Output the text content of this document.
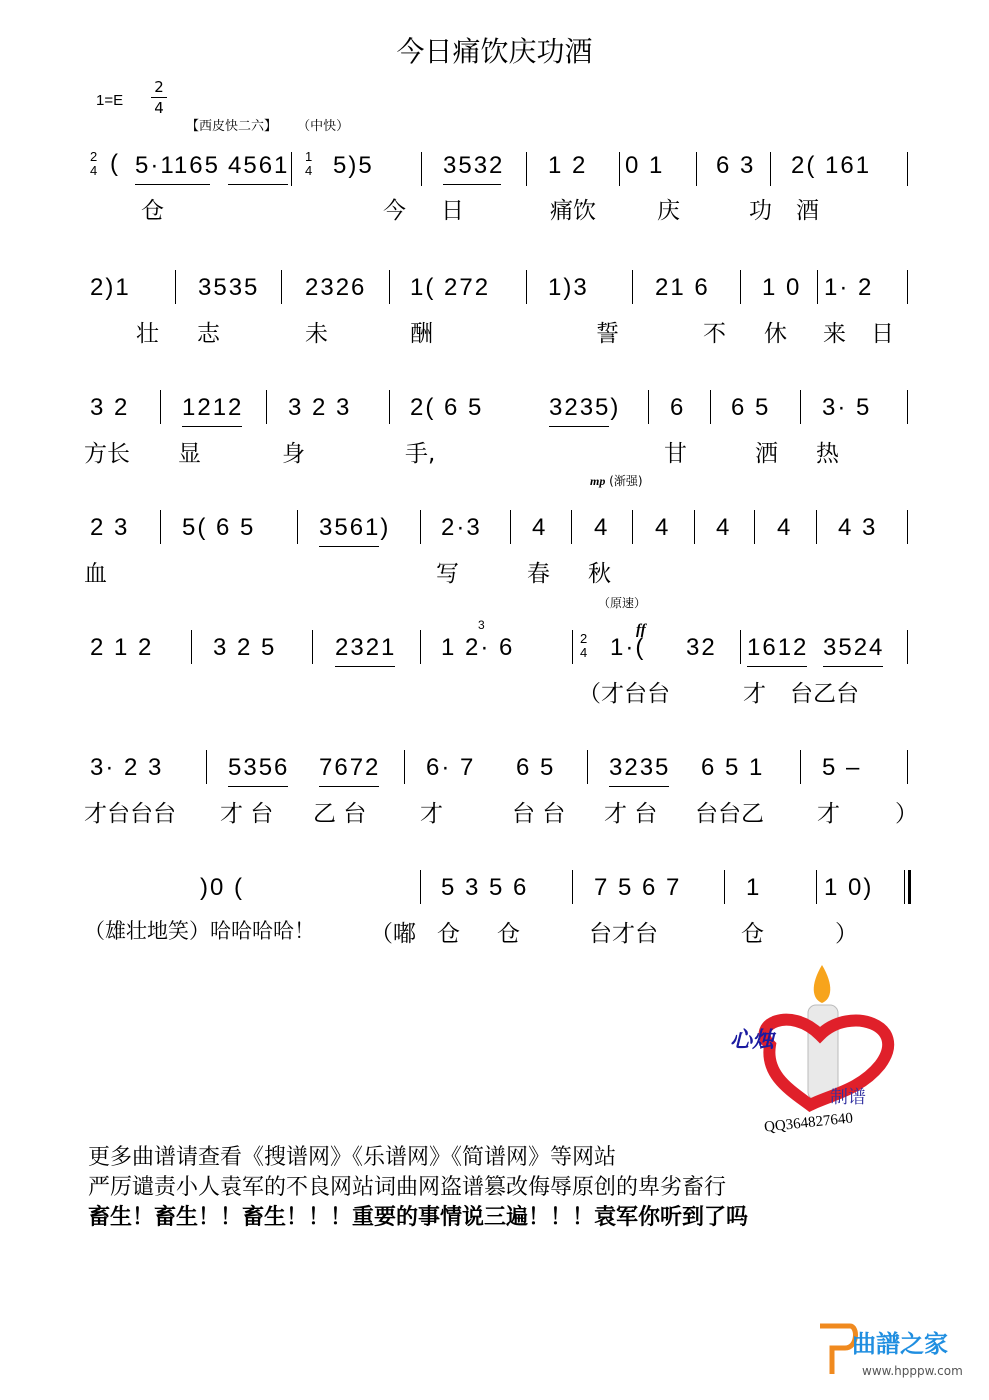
今日痛饮庆功酒
1=E
2
4
【西皮快二六】 （中快）
2
4 ( 5·1165 4561 1
4 5)5	3532 1 2 0 1 6 3 2( 161
仓	今 日	痛饮	庆	功 酒
2)1	3535 2326 1( 272 1)3	21 6 1 0 1· 2
壮 志	未	酬	誓	不 休 来 日
3 2 1212 3 2 3 2( 6 5	3235) 6 6 5 3· 5
方长 显	身	手,	甘	洒 热
mp (渐强)
2 3 5( 6 5	3561) 2·3 4 4 4 4 4 4 3
血	写	春 秋
（原速）
2 1 2 3 2 5 2321 1 2· 6
3
2
4 1·(
ff
32 1612 3524
（才台台	才 台乙台
3· 2 3	5356 7672 6· 7 6 5 3235 6 5 1 5 –
才台台台 才 台 乙 台 才	台 台 才 台 台台乙 才 ）
)0 (	5 3 5 6	7 5 6 7	1	1 0)
（雄壮地笑）哈哈哈哈！ （嘟 仓 仓	台才台	仓	）
心烛
制谱
QQ364827640
更多曲谱请查看《搜谱网》《乐谱网》《简谱网》等网站
严厉谴责小人袁军的不良网站词曲网盗谱篡改侮辱原创的卑劣畜行
畜生！畜生！！畜生！！！重要的事情说三遍！！！袁军你听到了吗
曲譜之家
www.hpppw.com
